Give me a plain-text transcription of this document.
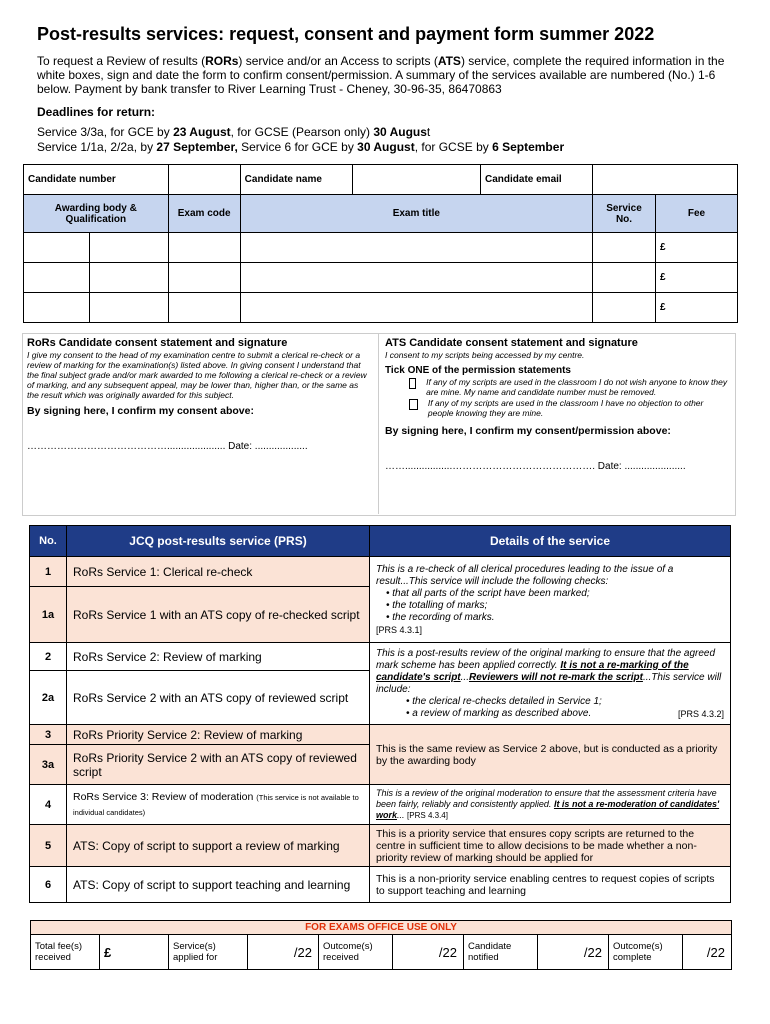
Post-results services: request, consent and payment form summer 2022
To request a Review of results (RORs) service and/or an Access to scripts (ATS) service, complete the required information in the white boxes, sign and date the form to confirm consent/permission. A summary of the services available are numbered (No.) 1-6 below. Payment by bank transfer to River Learning Trust - Cheney, 30-96-35, 86470863
Deadlines for return:
Service 3/3a, for GCE by 23 August, for GCSE (Pearson only) 30 August
Service 1/1a, 2/2a, by 27 September, Service 6 for GCE by 30 August, for GCSE by 6 September
Candidate number			Candidate name		Candidate email		
Awarding body & Qualification		Exam code	Exam title			Service No.	Fee
							£
							£
							£
RoRs Candidate consent statement and signature
I give my consent to the head of my examination centre to submit a clerical re-check or a review of marking for the examination(s) listed above. In giving consent I understand that the final subject grade and/or mark awarded to me following a clerical re-check or a review of marking, and any subsequent appeal, may be lower than, higher than, or the same as the result which was originally awarded for this subject.
By signing here, I confirm my consent above:
……………………………………..................... Date: ...................
ATS Candidate consent statement and signature
I consent to my scripts being accessed by my centre.
Tick ONE of the permission statements
If any of my scripts are used in the classroom I do not wish anyone to know they are mine. My name and candidate number must be removed.
If any of my scripts are used in the classroom I have no objection to other people knowing they are mine.
By signing here, I confirm my consent/permission above:
…….................……………………………………. Date: ......................
No.	JCQ post-results service (PRS)	Details of the service
1	RoRs Service 1: Clerical re-check	This is a re-check of all clerical procedures leading to the issue of a result...This service will include the following checks:
• that all parts of the script have been marked;
• the totalling of marks;
• the recording of marks.
[PRS 4.3.1]

1a	RoRs Service 1 with an ATS copy of re-checked script	
2	RoRs Service 2: Review of marking	This is a post-results review of the original marking to ensure that the agreed mark scheme has been applied correctly. It is not a re-marking of the candidate's script...Reviewers will not re-mark the script...This service will include:
• the clerical re-checks detailed in Service 1;
• a review of marking as described above. [PRS 4.3.2]

2a	RoRs Service 2 with an ATS copy of reviewed script	
3	RoRs Priority Service 2: Review of marking	This is the same review as Service 2 above, but is conducted as a priority by the awarding body
3a	RoRs Priority Service 2 with an ATS copy of reviewed script	
4	RoRs Service 3: Review of moderation (This service is not available to individual candidates)	This is a review of the original moderation to ensure that the assessment criteria have been fairly, reliably and consistently applied. It is not a re-moderation of candidates' work... [PRS 4.3.4]
5	ATS: Copy of script to support a review of marking	This is a priority service that ensures copy scripts are returned to the centre in sufficient time to allow decisions to be made whether a non-priority review of marking should be applied for
6	ATS: Copy of script to support teaching and learning	This is a non-priority service enabling centres to request copies of scripts to support teaching and learning
FOR EXAMS OFFICE USE ONLY
Total fee(s) received	£	Service(s) applied for	/22	Outcome(s) received	/22	Candidate notified	/22	Outcome(s) complete	/22
